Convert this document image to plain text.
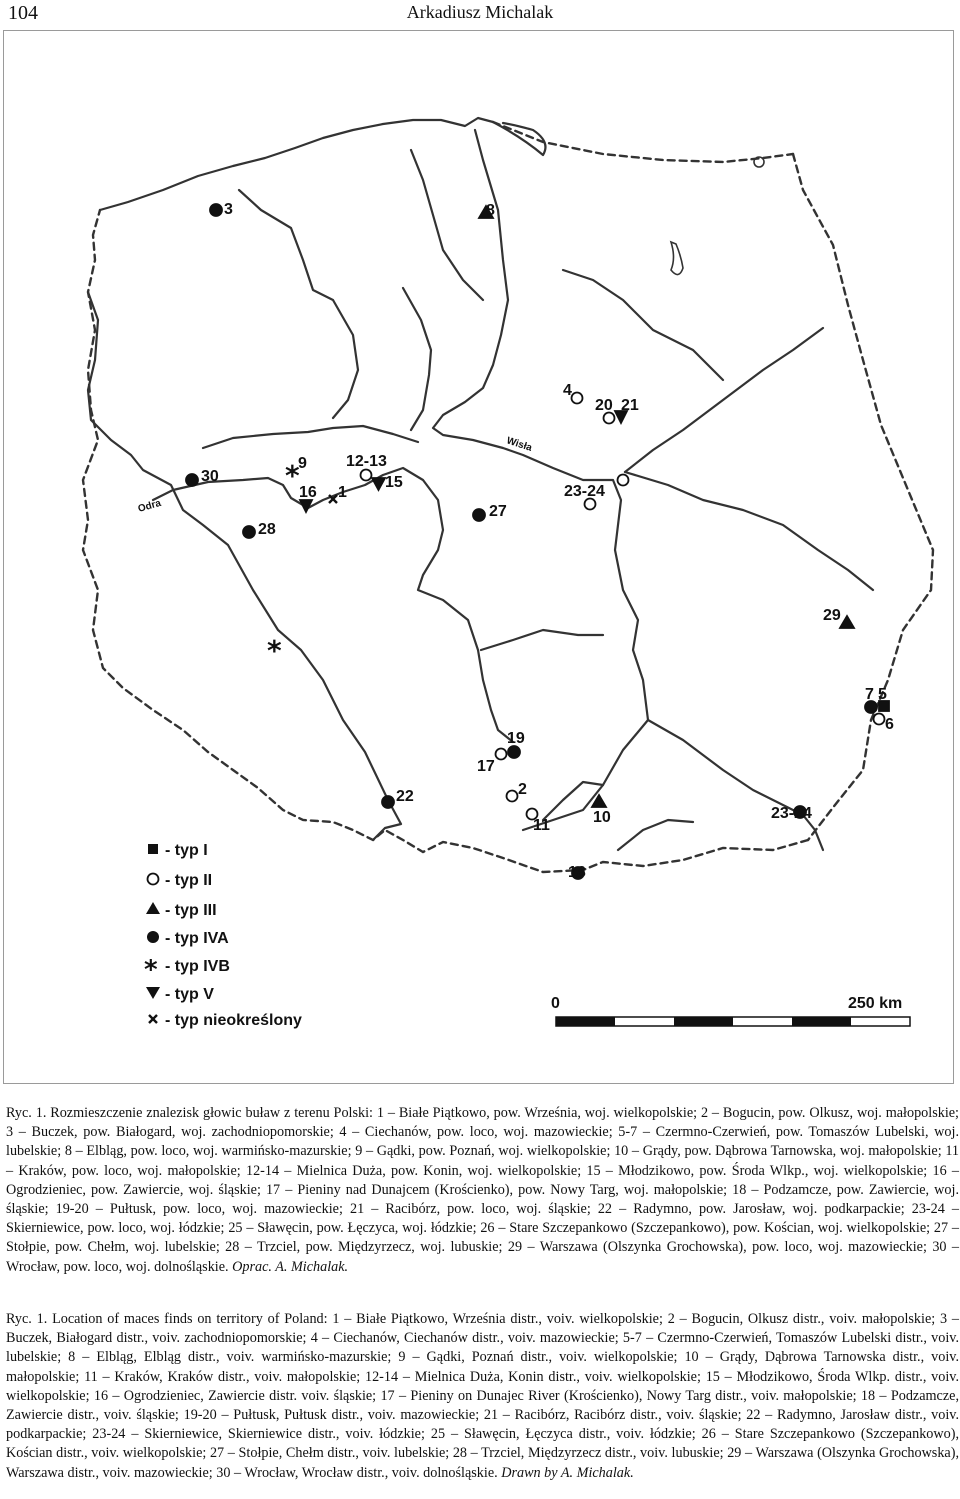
104	Arkadiusz Michalak
Odra
Wisła
*
*
3	8
4
20 21
12-13
15
9
16 1
30
23-24
27
28
29
7 5
6
19
17
2
11	10
22
23-24
18
- typ I
- typ II
- typ III
- typ IVA
* - typ IVB
- typ V
- typ nieokreślony
0	250 km

Ryc. 1. Rozmieszczenie znalezisk głowic buław z terenu Polski: 1 – Białe Piątkowo, pow. Września, woj. wielkopolskie; 2 – Bogucin, pow. Olkusz, woj. małopolskie; 3 – Buczek, pow. Białogard, woj. zachodniopomorskie; 4 – Ciechanów, pow. loco, woj. mazowieckie; 5-7 – Czermno-Czerwień, pow. Tomaszów Lubelski, woj. lubelskie; 8 – Elbląg, pow. loco, woj. warmińsko-mazurskie; 9 – Gądki, pow. Poznań, woj. wielkopolskie; 10 – Grądy, pow. Dąbrowa Tarnowska, woj. małopolskie; 11 – Kraków, pow. loco, woj. małopolskie; 12-14 – Mielnica Duża, pow. Konin, woj. wielkopolskie; 15 – Młodzikowo, pow. Środa Wlkp., woj. wielkopolskie; 16 – Ogrodzieniec, pow. Zawiercie, woj. śląskie; 17 – Pieniny nad Dunajcem (Krościenko), pow. Nowy Targ, woj. małopolskie; 18 – Podzamcze, pow. Zawiercie, woj. śląskie; 19-20 – Pułtusk, pow. loco, woj. mazowieckie; 21 – Racibórz, pow. loco, woj. śląskie; 22 – Radymno, pow. Jarosław, woj. podkarpackie; 23-24 – Skierniewice, pow. loco, woj. łódzkie; 25 – Sławęcin, pow. Łęczyca, woj. łódzkie; 26 – Stare Szczepankowo (Szczepankowo), pow. Kościan, woj. wielkopolskie; 27 – Stołpie, pow. Chełm, woj. lubelskie; 28 – Trzciel, pow. Międzyrzecz, woj. lubuskie; 29 – Warszawa (Olszynka Grochowska), pow. loco, woj. mazowieckie; 30 – Wrocław, pow. loco, woj. dolnośląskie. Oprac. A. Michalak.

Ryc. 1. Location of maces finds on territory of Poland: 1 – Białe Piątkowo, Września distr., voiv. wielkopolskie; 2 – Bogucin, Olkusz distr., voiv. małopolskie; 3 – Buczek, Białogard distr., voiv. zachodniopomorskie; 4 – Ciechanów, Ciechanów distr., voiv. mazowieckie; 5-7 – Czermno-Czerwień, Tomaszów Lubelski distr., voiv. lubelskie; 8 – Elbląg, Elbląg distr., voiv. warmińsko-mazurskie; 9 – Gądki, Poznań distr., voiv. wielkopolskie; 10 – Grądy, Dąbrowa Tarnowska distr., voiv. małopolskie; 11 – Kraków, Kraków distr., voiv. małopolskie; 12-14 – Mielnica Duża, Konin distr., voiv. wielkopolskie; 15 – Młodzikowo, Środa Wlkp. distr., voiv. wielkopolskie; 16 – Ogrodzieniec, Zawiercie distr. voiv. śląskie; 17 – Pieniny on Dunajec River (Krościenko), Nowy Targ distr., voiv. małopolskie; 18 – Podzamcze, Zawiercie distr., voiv. śląskie; 19-20 – Pułtusk, Pułtusk distr., voiv. mazowieckie; 21 – Racibórz, Racibórz distr., voiv. śląskie; 22 – Radymno, Jarosław distr., voiv. podkarpackie; 23-24 – Skierniewice, Skierniewice distr., voiv. łódzkie; 25 – Sławęcin, Łęczyca distr., voiv. łódzkie; 26 – Stare Szczepankowo (Szczepankowo), Kościan distr., voiv. wielkopolskie; 27 – Stołpie, Chełm distr., voiv. lubelskie; 28 – Trzciel, Międzyrzecz distr., voiv. lubuskie; 29 – Warszawa (Olszynka Grochowska), Warszawa distr., voiv. mazowieckie; 30 – Wrocław, Wrocław distr., voiv. dolnośląskie. Drawn by A. Michalak.
